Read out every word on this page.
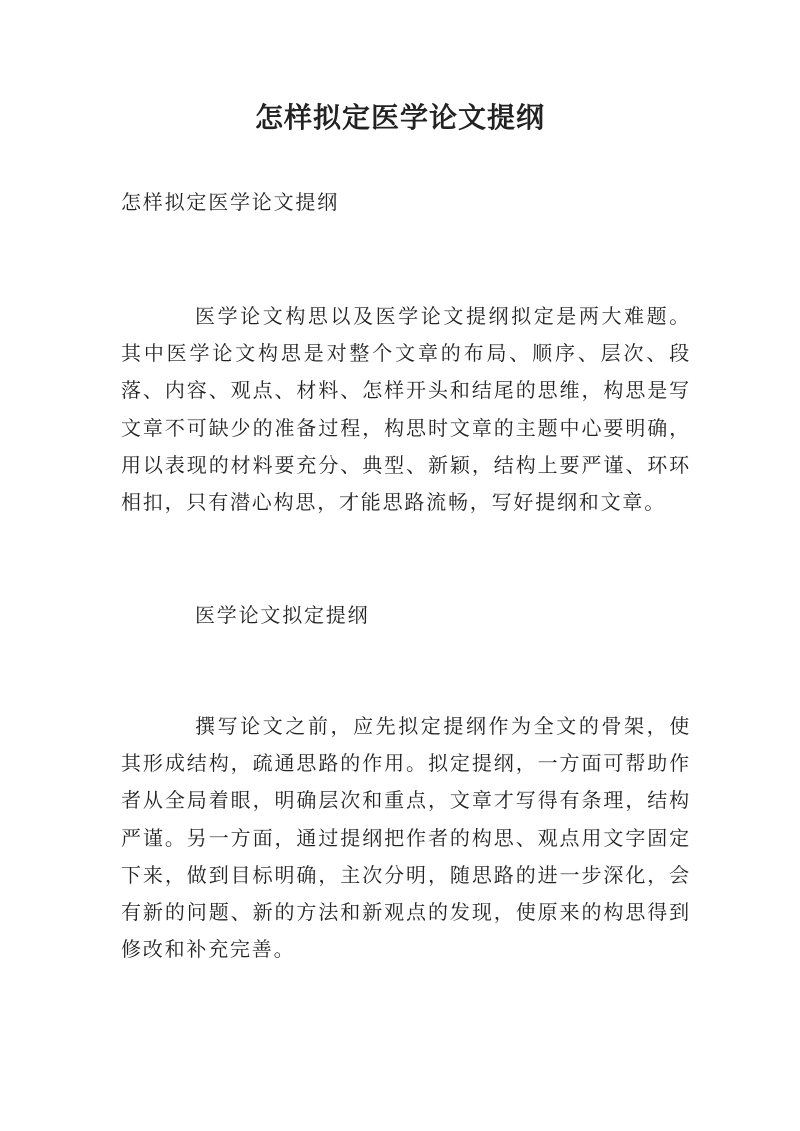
怎样拟定医学论文提纲

怎样拟定医学论文提纲

医学论文构思以及医学论文提纲拟定是两大难题。其中医学论文构思是对整个文章的布局、顺序、层次、段落、内容、观点、材料、怎样开头和结尾的思维，构思是写文章不可缺少的准备过程，构思时文章的主题中心要明确，用以表现的材料要充分、典型、新颖，结构上要严谨、环环相扣，只有潜心构思，才能思路流畅，写好提纲和文章。

医学论文拟定提纲

撰写论文之前，应先拟定提纲作为全文的骨架，使其形成结构，疏通思路的作用。拟定提纲，一方面可帮助作者从全局着眼，明确层次和重点，文章才写得有条理，结构严谨。另一方面，通过提纲把作者的构思、观点用文字固定下来，做到目标明确，主次分明，随思路的进一步深化，会有新的问题、新的方法和新观点的发现，使原来的构思得到修改和补充完善。
